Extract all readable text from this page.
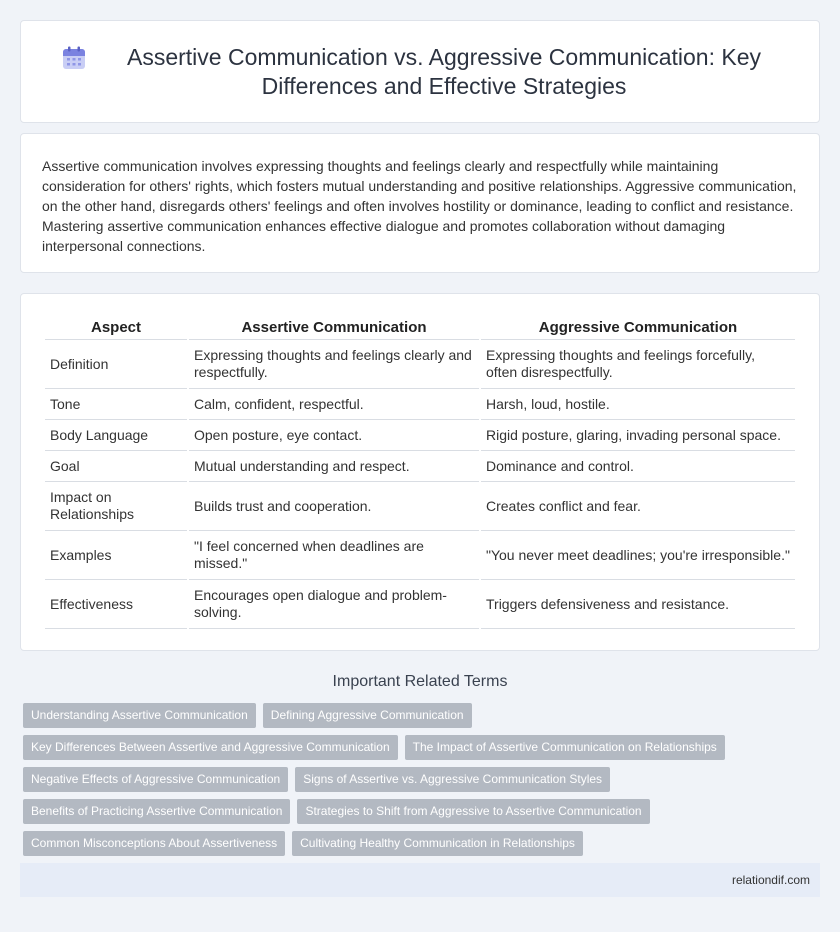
Assertive Communication vs. Aggressive Communication: Key Differences and Effective Strategies

Assertive communication involves expressing thoughts and feelings clearly and respectfully while maintaining consideration for others' rights, which fosters mutual understanding and positive relationships. Aggressive communication, on the other hand, disregards others' feelings and often involves hostility or dominance, leading to conflict and resistance. Mastering assertive communication enhances effective dialogue and promotes collaboration without damaging interpersonal connections.

Aspect	Assertive Communication	Aggressive Communication
Definition	Expressing thoughts and feelings clearly and respectfully.	Expressing thoughts and feelings forcefully, often disrespectfully.
Tone	Calm, confident, respectful.	Harsh, loud, hostile.
Body Language	Open posture, eye contact.	Rigid posture, glaring, invading personal space.
Goal	Mutual understanding and respect.	Dominance and control.
Impact on Relationships	Builds trust and cooperation.	Creates conflict and fear.
Examples	"I feel concerned when deadlines are missed."	"You never meet deadlines; you're irresponsible."
Effectiveness	Encourages open dialogue and problem-solving.	Triggers defensiveness and resistance.
Important Related Terms
Understanding Assertive Communication	Defining Aggressive Communication
Key Differences Between Assertive and Aggressive Communication	The Impact of Assertive Communication on Relationships
Negative Effects of Aggressive Communication	Signs of Assertive vs. Aggressive Communication Styles
Benefits of Practicing Assertive Communication	Strategies to Shift from Aggressive to Assertive Communication
Common Misconceptions About Assertiveness	Cultivating Healthy Communication in Relationships
relationdif.com
